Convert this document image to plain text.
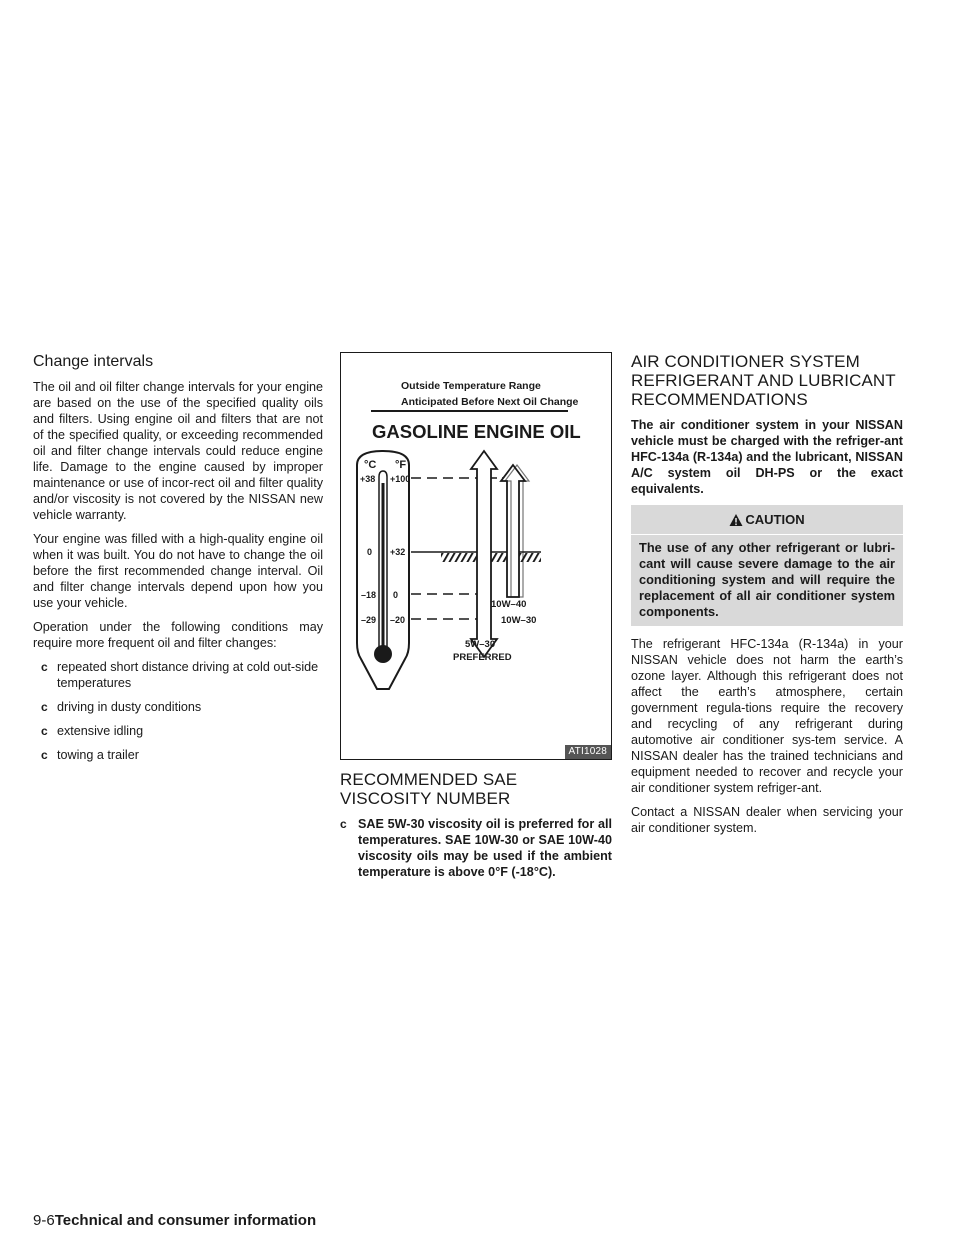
Change intervals

The oil and oil filter change intervals for your engine are based on the use of the specified quality oils and filters. Using engine oil and filters that are not of the specified quality, or exceeding recommended oil and filter change intervals could reduce engine life. Damage to the engine caused by improper maintenance or use of incor-rect oil and filter quality and/or viscosity is not covered by the NISSAN new vehicle warranty.

Your engine was filled with a high-quality engine oil when it was built. You do not have to change the oil before the first recommended change interval. Oil and filter change intervals depend upon how you use your vehicle.

Operation under the following conditions may require more frequent oil and filter changes:

c repeated short distance driving at cold out-side temperatures
c driving in dusty conditions
c extensive idling
c towing a trailer
Outside Temperature Range
Anticipated Before Next Oil Change
GASOLINE ENGINE OIL
°C °F
+38 +100
0 +32
–18 0
–29 –20
10W–40
10W–30
5W–30
PREFERRED
ATI1028
RECOMMENDED SAE VISCOSITY NUMBER
c SAE 5W-30 viscosity oil is preferred for all temperatures. SAE 10W-30 or SAE 10W-40 viscosity oils may be used if the ambient temperature is above 0°F (-18°C).
AIR CONDITIONER SYSTEM REFRIGERANT AND LUBRICANT RECOMMENDATIONS

The air conditioner system in your NISSAN vehicle must be charged with the refriger-ant HFC-134a (R-134a) and the lubricant, NISSAN A/C system oil DH-PS or the exact equivalents.

CAUTION

The use of any other refrigerant or lubri-cant will cause severe damage to the air conditioning system and will require the replacement of all air conditioner system components.

The refrigerant HFC-134a (R-134a) in your NISSAN vehicle does not harm the earth’s ozone layer. Although this refrigerant does not affect the earth’s atmosphere, certain government regula-tions require the recovery and recycling of any refrigerant during automotive air conditioner sys-tem service. A NISSAN dealer has the trained technicians and equipment needed to recover and recycle your air conditioner system refriger-ant.

Contact a NISSAN dealer when servicing your air conditioner system.

9-6Technical and consumer information
